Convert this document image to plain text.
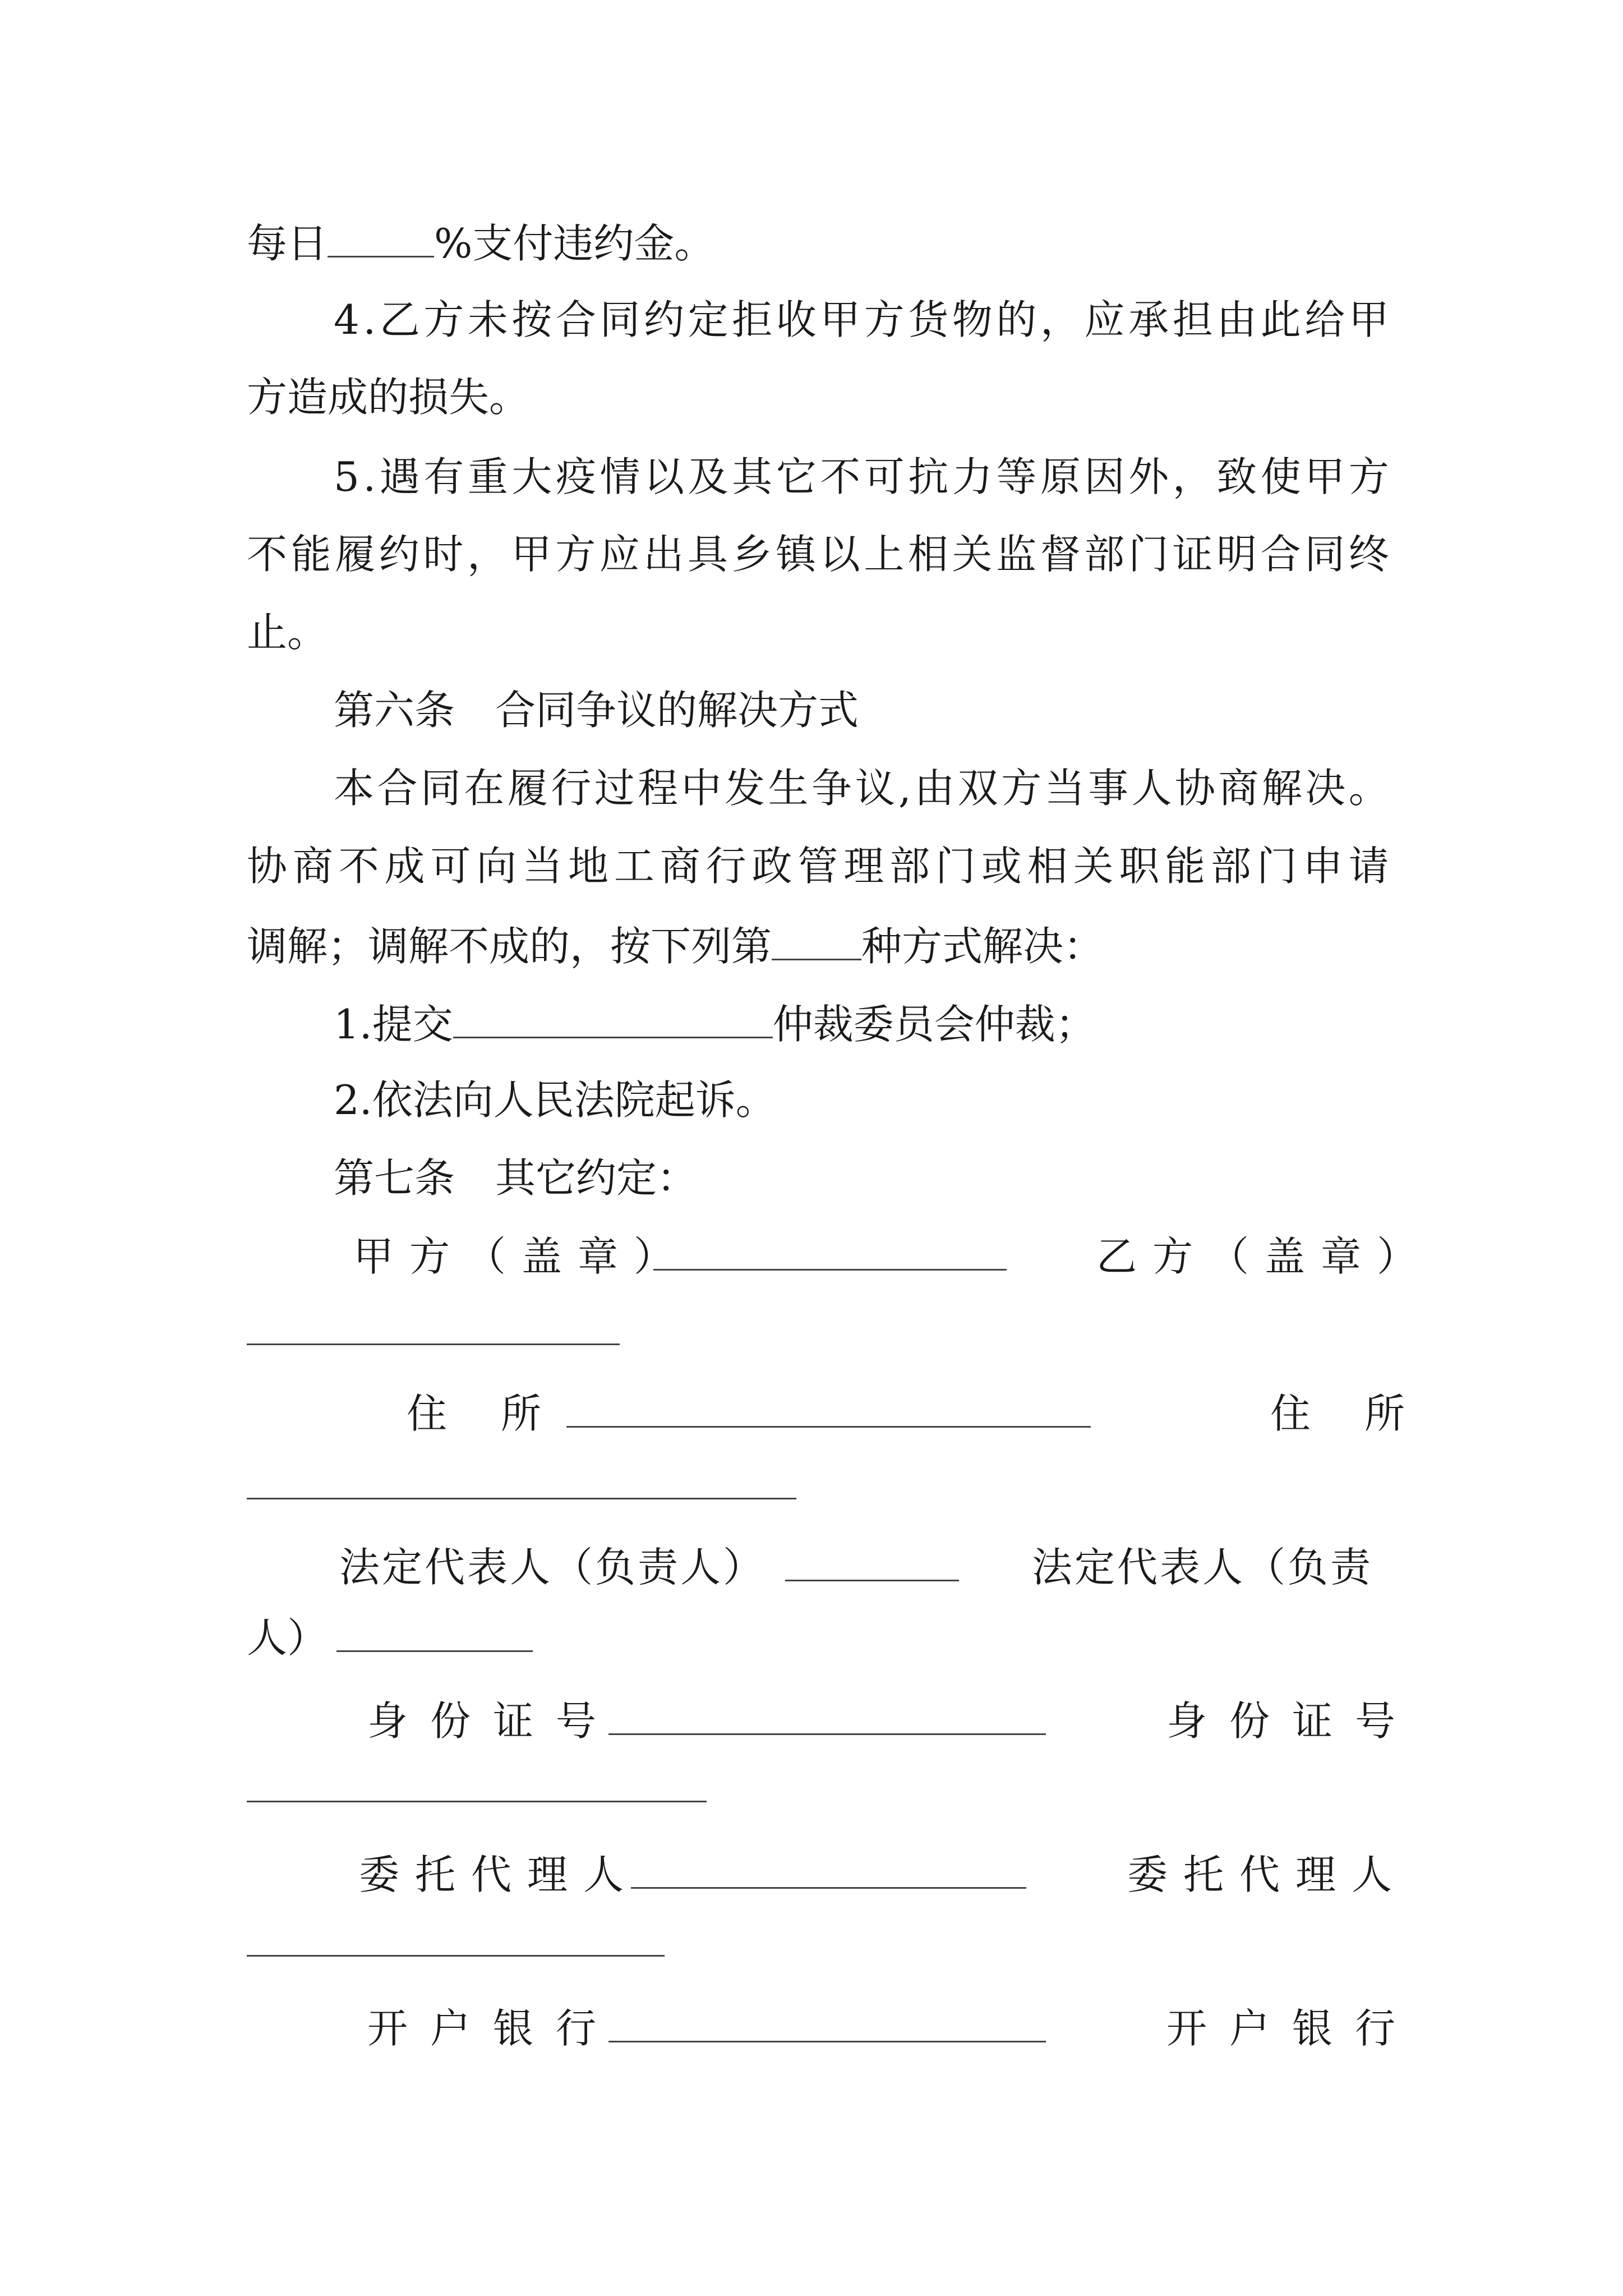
每日	%支付违约金。
4 . 乙 方 未 按 合 同 约 定 拒 收 甲 方 货 物 的 ， 应 承 担 由 此 给 甲
方造成的损失。
5 . 遇 有 重 大 疫 情 以 及 其 它 不 可 抗 力 等 原 因 外 ， 致 使 甲 方
不 能 履 约 时 ， 甲 方 应 出 具 乡 镇 以 上 相 关 监 督 部 门 证 明 合 同 终
止。
第六条　合同争议的解决方式
本 合 同 在 履 行 过 程 中 发 生 争 议 , 由 双 方 当 事 人 协 商 解 决 。
协 商 不 成 可 向 当 地 工 商 行 政 管 理 部 门 或 相 关 职 能 部 门 申 请
调解；调解不成的，按下列第 种方式解决：
1.提交	仲裁委员会仲裁；
2.依法向人民法院起诉。
第七条　其它约定：
甲方（盖章）	乙方（盖章）
住所	住所
法定代表人（负责人）	法定代表人（负责
人）
身份证号	身份证号
委托代理人	委托代理人
开户银行	开户银行
